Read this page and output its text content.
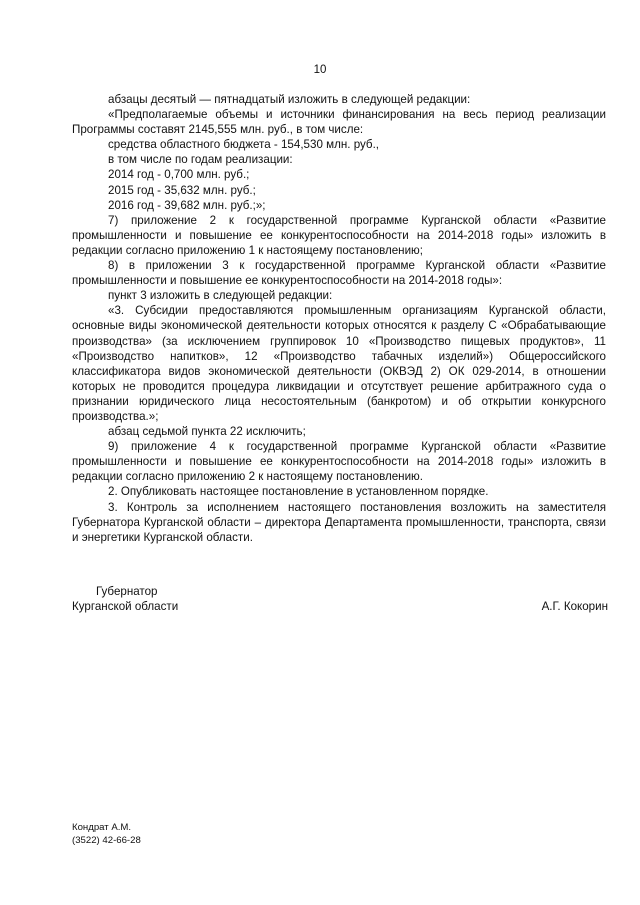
10

абзацы десятый — пятнадцатый изложить в следующей редакции:

«Предполагаемые объемы и источники финансирования на весь период реализации Программы составят 2145,555 млн. руб., в том числе:

средства областного бюджета - 154,530 млн. руб.,

в том числе по годам реализации:

2014 год - 0,700 млн. руб.;

2015 год - 35,632 млн. руб.;

2016 год - 39,682 млн. руб.;»;

7) приложение 2 к государственной программе Курганской области «Развитие промышленности и повышение ее конкурентоспособности на 2014-2018 годы» изложить в редакции согласно приложению 1 к настоящему постановлению;

8) в приложении 3 к государственной программе Курганской области «Развитие промышленности и повышение ее конкурентоспособности на 2014-2018 годы»:

пункт 3 изложить в следующей редакции:

«3. Субсидии предоставляются промышленным организациям Курганской области, основные виды экономической деятельности которых относятся к разделу С «Обрабатывающие производства» (за исключением группировок 10 «Производство пищевых продуктов», 11 «Производство напитков», 12 «Производство табачных изделий») Общероссийского классификатора видов экономической деятельности (ОКВЭД 2) ОК 029-2014, в отношении которых не проводится процедура ликвидации и отсутствует решение арбитражного суда о признании юридического лица несостоятельным (банкротом) и об открытии конкурсного производства.»;

абзац седьмой пункта 22 исключить;

9) приложение 4 к государственной программе Курганской области «Развитие промышленности и повышение ее конкурентоспособности на 2014-2018 годы» изложить в редакции согласно приложению 2 к настоящему постановлению.

2. Опубликовать настоящее постановление в установленном порядке.

3. Контроль за исполнением настоящего постановления возложить на заместителя Губернатора Курганской области – директора Департамента промышленности, транспорта, связи и энергетики Курганской области.

Губернатор
Курганской области	А.Г. Кокорин
Кондрат А.М.
(3522) 42-66-28
